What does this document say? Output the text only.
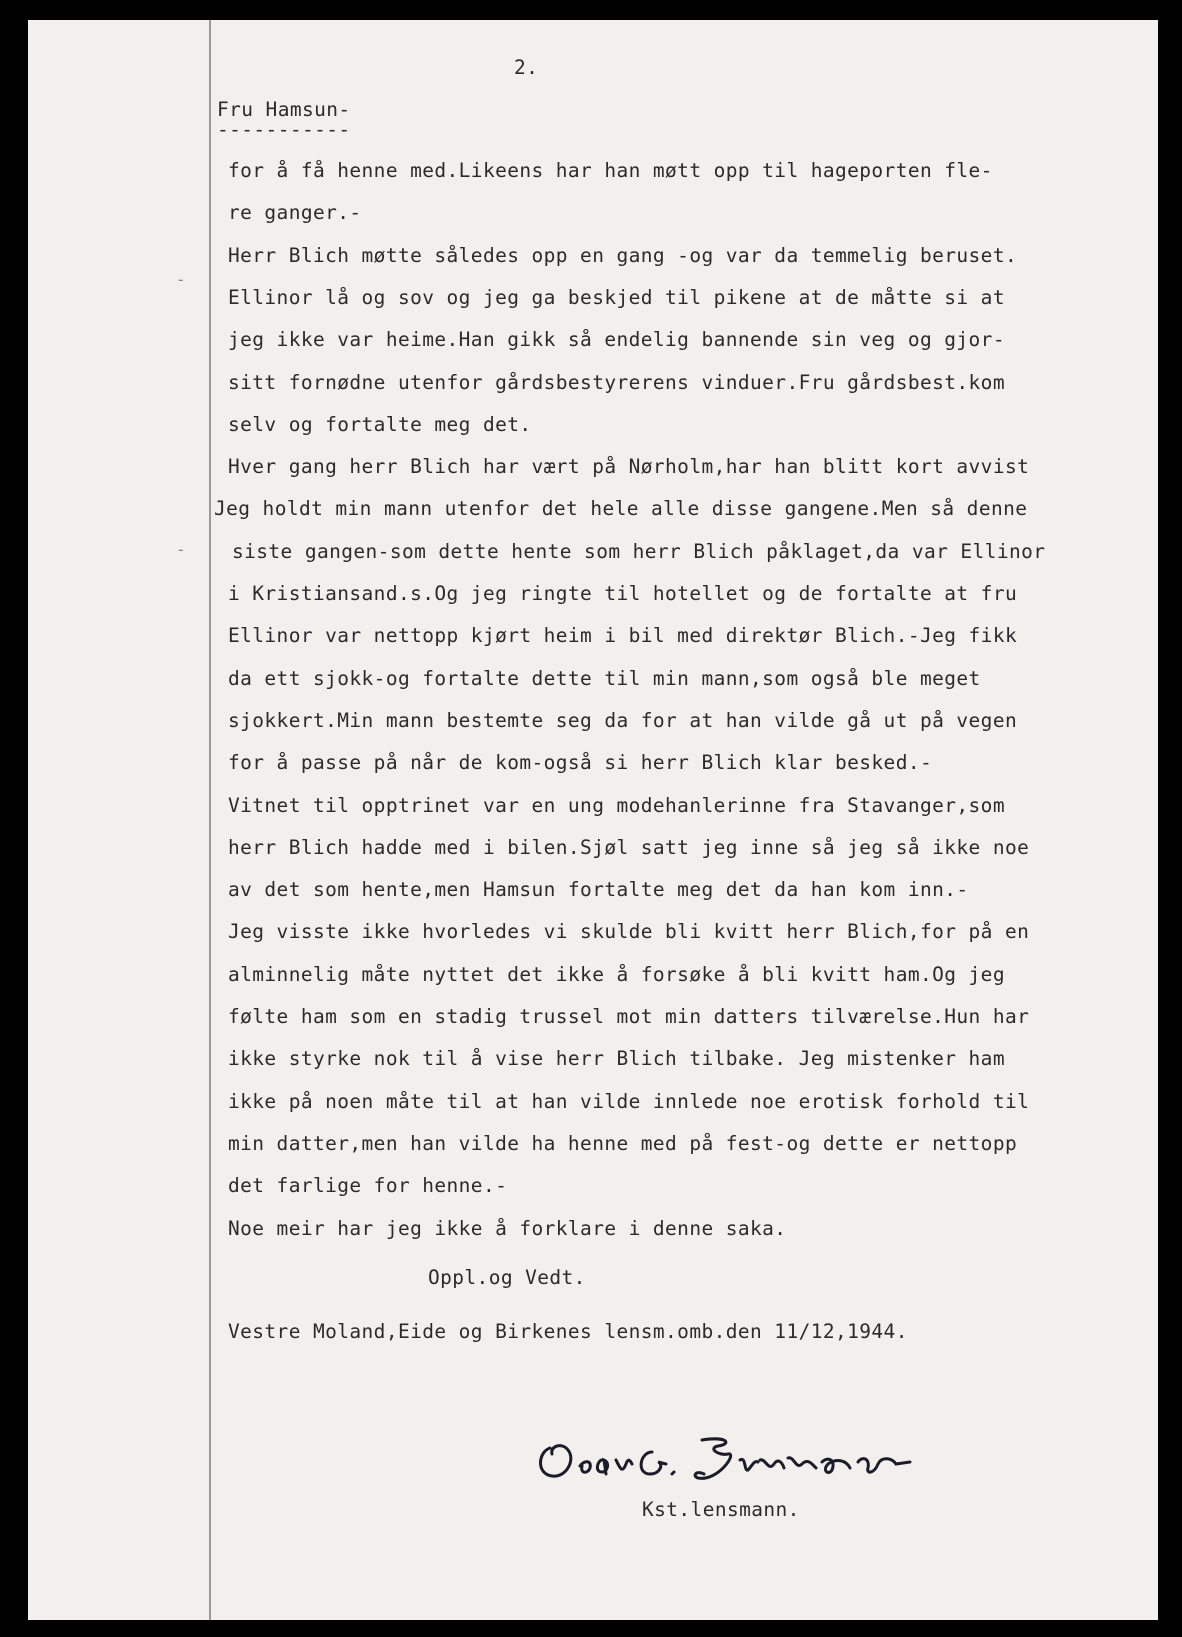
-
-
2.
Fru Hamsun-
-----------
for å få henne med.Likeens har han møtt opp til hageporten fle-
re ganger.-
Herr Blich møtte således opp en gang -og var da temmelig beruset.
Ellinor lå og sov og jeg ga beskjed til pikene at de måtte si at
jeg ikke var heime.Han gikk så endelig bannende sin veg og gjor-
sitt fornødne utenfor gårdsbestyrerens vinduer.Fru gårdsbest.kom
selv og fortalte meg det.
Hver gang herr Blich har vært på Nørholm,har han blitt kort avvist
Jeg holdt min mann utenfor det hele alle disse gangene.Men så denne
siste gangen-som dette hente som herr Blich påklaget,da var Ellinor
i Kristiansand.s.Og jeg ringte til hotellet og de fortalte at fru
Ellinor var nettopp kjørt heim i bil med direktør Blich.-Jeg fikk
da ett sjokk-og fortalte dette til min mann,som også ble meget
sjokkert.Min mann bestemte seg da for at han vilde gå ut på vegen
for å passe på når de kom-også si herr Blich klar besked.-
Vitnet til opptrinet var en ung modehanlerinne fra Stavanger,som
herr Blich hadde med i bilen.Sjøl satt jeg inne så jeg så ikke noe
av det som hente,men Hamsun fortalte meg det da han kom inn.-
Jeg visste ikke hvorledes vi skulde bli kvitt herr Blich,for på en
alminnelig måte nyttet det ikke å forsøke å bli kvitt ham.Og jeg
følte ham som en stadig trussel mot min datters tilværelse.Hun har
ikke styrke nok til å vise herr Blich tilbake. Jeg mistenker ham
ikke på noen måte til at han vilde innlede noe erotisk forhold til
min datter,men han vilde ha henne med på fest-og dette er nettopp
det farlige for henne.-
Noe meir har jeg ikke å forklare i denne saka.
Oppl.og Vedt.
Vestre Moland,Eide og Birkenes lensm.omb.den 11/12,1944.
Olav G. Bjørnmand
Kst.lensmann.
